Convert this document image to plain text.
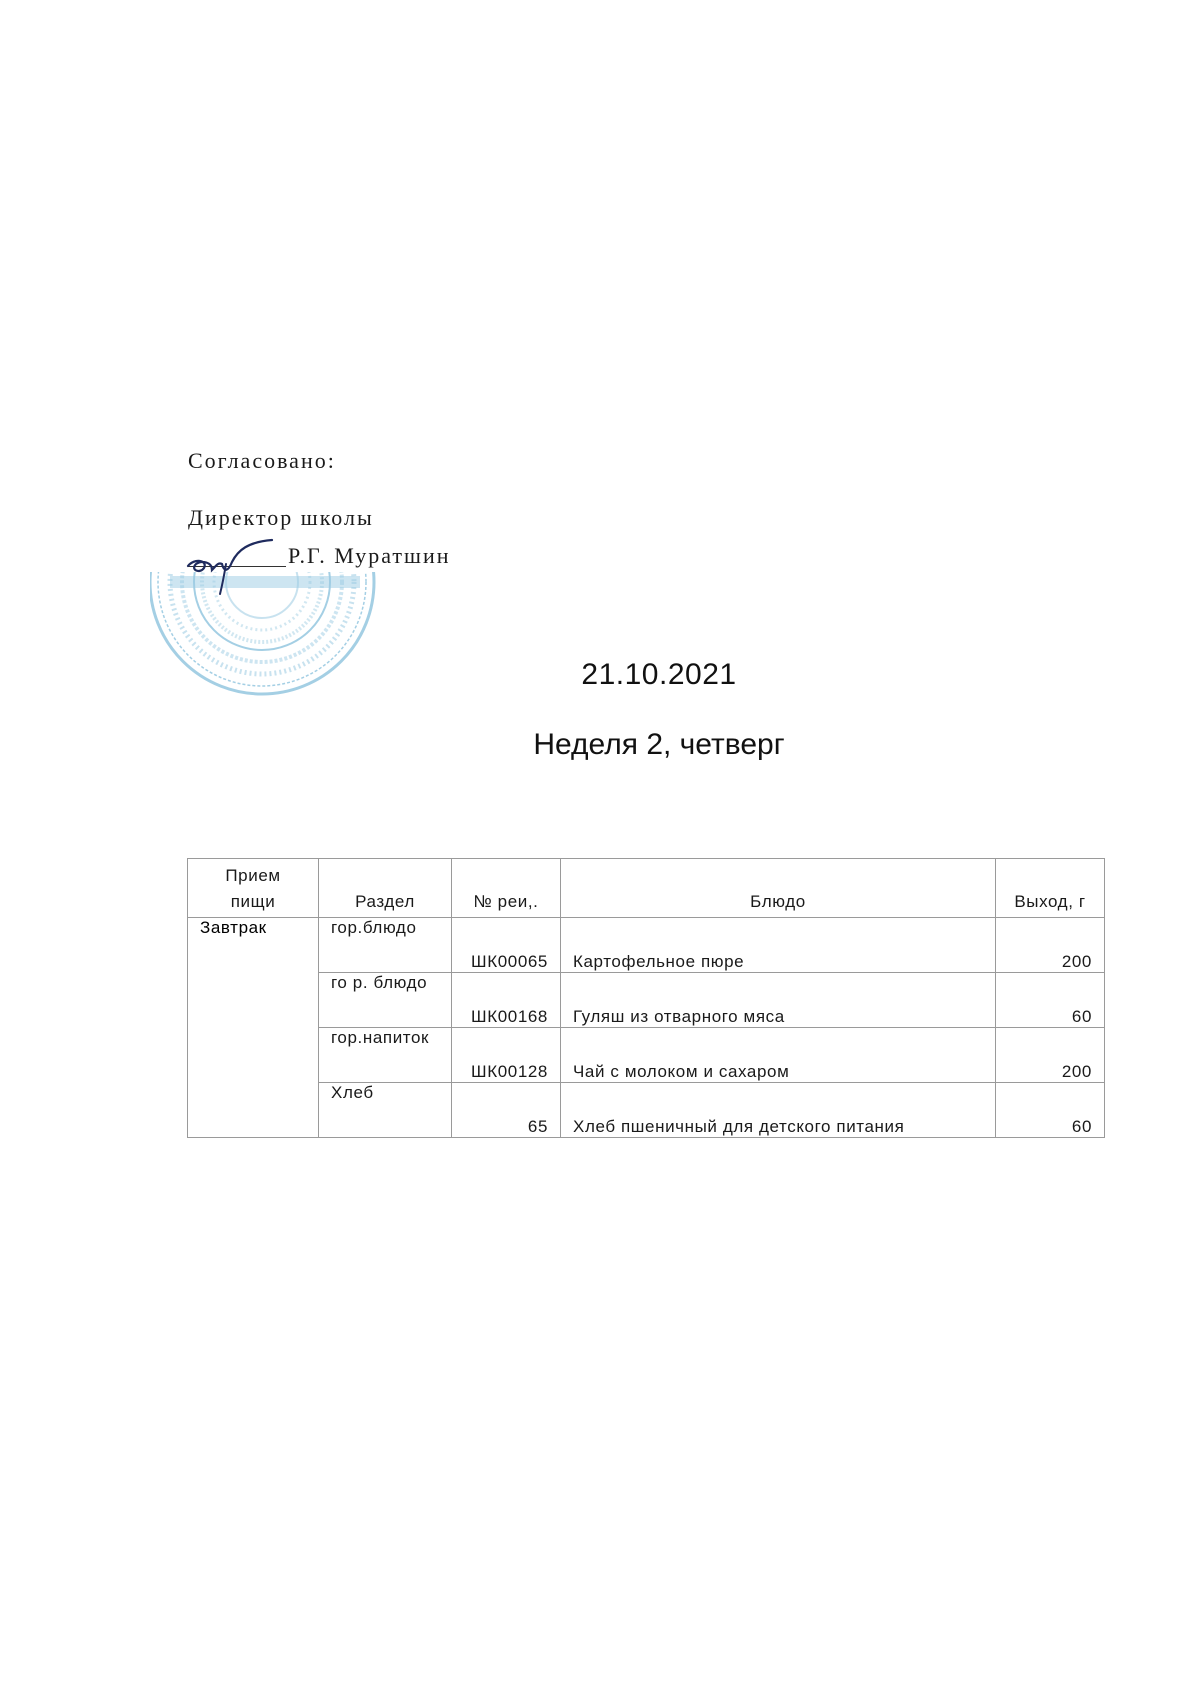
Согласовано:
Директор школы
Р.Г. Муратшин
21.10.2021
Неделя 2, четверг
Прием
пищи	Раздел	№ реи,.	Блюдо	Выход, г
Завтрак	гор.блюдо	ШК00065	Картофельное пюре	200
	го р. блюдо	ШК00168	Гуляш из отварного мяса	60
	гор.напиток	ШК00128	Чай с молоком и сахаром	200
	Хлеб	65	Хлеб пшеничный для детского питания	60
